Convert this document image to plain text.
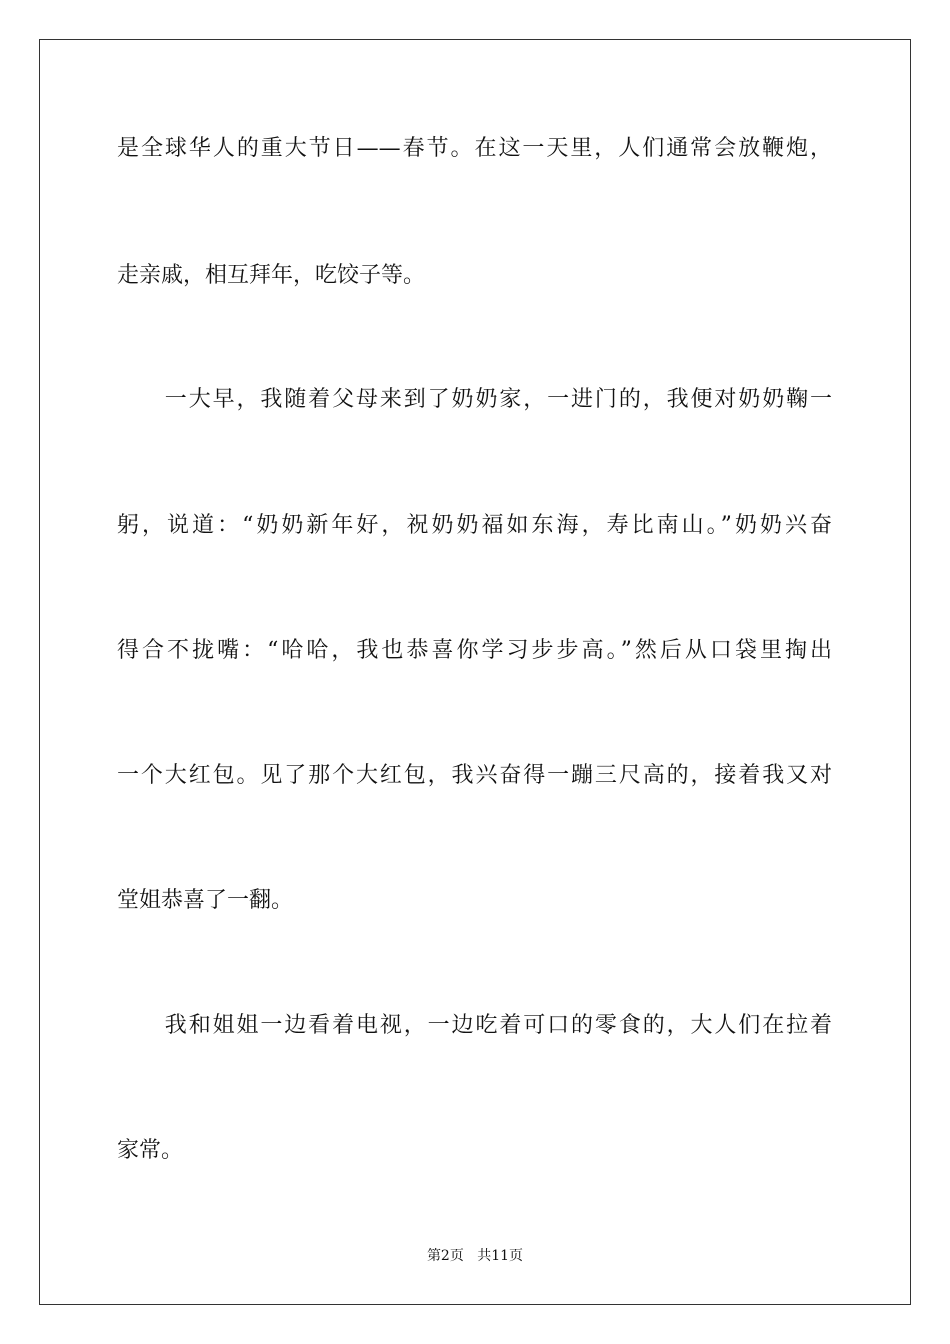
是全球华人的重大节日——春节。在这一天里，人们通常会放鞭炮，
走亲戚，相互拜年，吃饺子等。
　　一大早，我随着父母来到了奶奶家，一进门的，我便对奶奶鞠一
躬，说道：“奶奶新年好，祝奶奶福如东海，寿比南山。”奶奶兴奋
得合不拢嘴：“哈哈，我也恭喜你学习步步高。”然后从口袋里掏出
一个大红包。见了那个大红包，我兴奋得一蹦三尺高的，接着我又对
堂姐恭喜了一翻。
　　我和姐姐一边看着电视，一边吃着可口的零食的，大人们在拉着
家常。
第2页 共11页
